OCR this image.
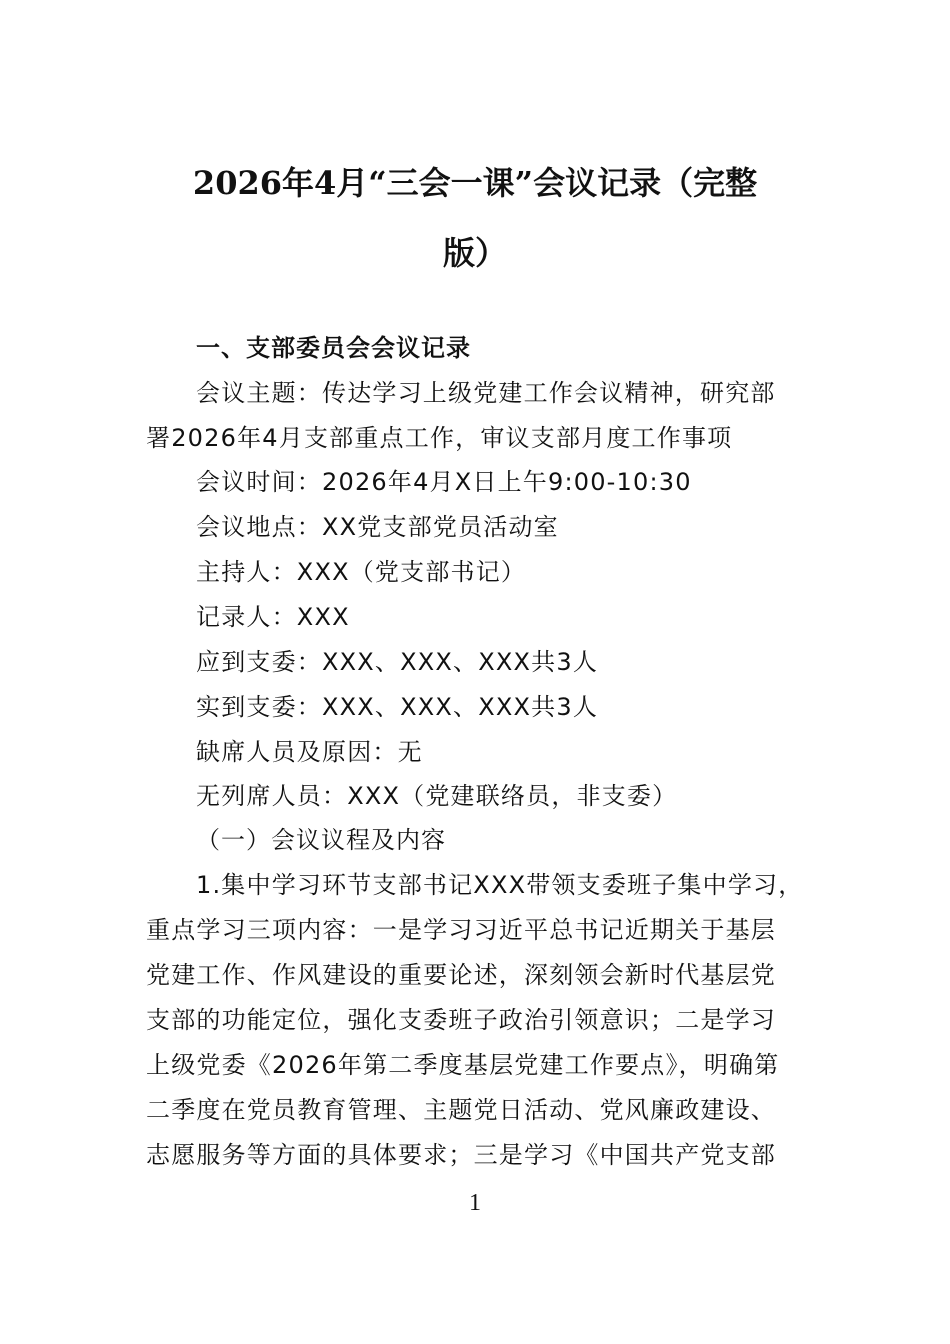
2026年4月“三会一课”会议记录（完整
版）
一、支部委员会会议记录
会议主题：传达学习上级党建工作会议精神，研究部
署2026年4月支部重点工作，审议支部月度工作事项
会议时间：2026年4月X日上午9:00-10:30
会议地点：XX党支部党员活动室
主持人：XXX（党支部书记）
记录人：XXX
应到支委：XXX、XXX、XXX共3人
实到支委：XXX、XXX、XXX共3人
缺席人员及原因：无
无列席人员：XXX（党建联络员，非支委）
（一）会议议程及内容
1.集中学习环节支部书记XXX带领支委班子集中学习，
重点学习三项内容：一是学习习近平总书记近期关于基层
党建工作、作风建设的重要论述，深刻领会新时代基层党
支部的功能定位，强化支委班子政治引领意识；二是学习
上级党委《2026年第二季度基层党建工作要点》，明确第
二季度在党员教育管理、主题党日活动、党风廉政建设、
志愿服务等方面的具体要求；三是学习《中国共产党支部
1
